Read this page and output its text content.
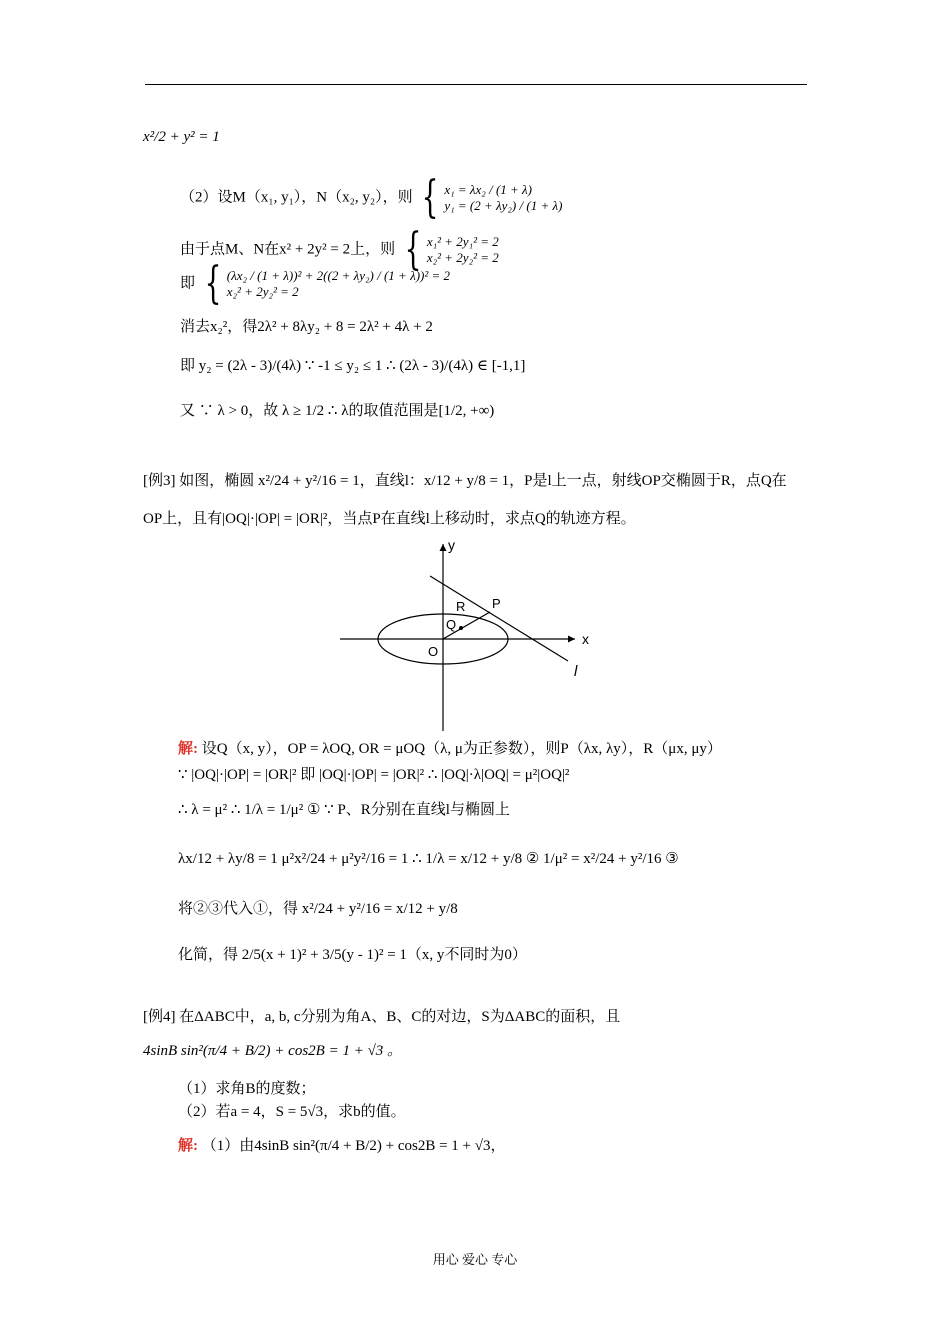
x²/2 + y² = 1
（2）设M（x₁, y₁），N（x₂, y₂），则 { x₁ = λx₂ / (1 + λ)
y₁ = (2 + λy₂) / (1 + λ)
由于点M、N在x² + 2y² = 2上，则 { x₁² + 2y₁² = 2
x₂² + 2y₂² = 2
即 { (λx₂ / (1 + λ))² + 2((2 + λy₂) / (1 + λ))² = 2
x₂² + 2y₂² = 2
消去x₂²，得2λ² + 8λy₂ + 8 = 2λ² + 4λ + 2
即 y₂ = (2λ - 3)/(4λ) ∵ -1 ≤ y₂ ≤ 1 ∴ (2λ - 3)/(4λ) ∈ [-1,1]
又 ∵ λ > 0，故 λ ≥ 1/2 ∴ λ的取值范围是[1/2, +∞)
[例3] 如图，椭圆 x²/24 + y²/16 = 1，直线l：x/12 + y/8 = 1，P是l上一点，射线OP交椭圆于R，点Q在
OP上，且有|OQ|·|OP| = |OR|²，当点P在直线l上移动时，求点Q的轨迹方程。
y
x
l
P
R
Q
O
解: 设Q（x, y），OP = λOQ, OR = μOQ（λ, μ为正参数），则P（λx, λy），R（μx, μy）
∵ |OQ|·|OP| = |OR|² 即 |OQ|·|OP| = |OR|² ∴ |OQ|·λ|OQ| = μ²|OQ|²
∴ λ = μ² ∴ 1/λ = 1/μ² ① ∵ P、R分别在直线l与椭圆上
λx/12 + λy/8 = 1 μ²x²/24 + μ²y²/16 = 1 ∴ 1/λ = x/12 + y/8 ② 1/μ² = x²/24 + y²/16 ③
将②③代入①，得 x²/24 + y²/16 = x/12 + y/8
化简，得 2/5(x + 1)² + 3/5(y - 1)² = 1（x, y不同时为0）
[例4] 在ΔABC中，a, b, c分别为角A、B、C的对边，S为ΔABC的面积，且
4sinB sin²(π/4 + B/2) + cos2B = 1 + √3 。
（1）求角B的度数；
（2）若a = 4，S = 5√3，求b的值。
解: （1）由4sinB sin²(π/4 + B/2) + cos2B = 1 + √3，
用心 爱心 专心
